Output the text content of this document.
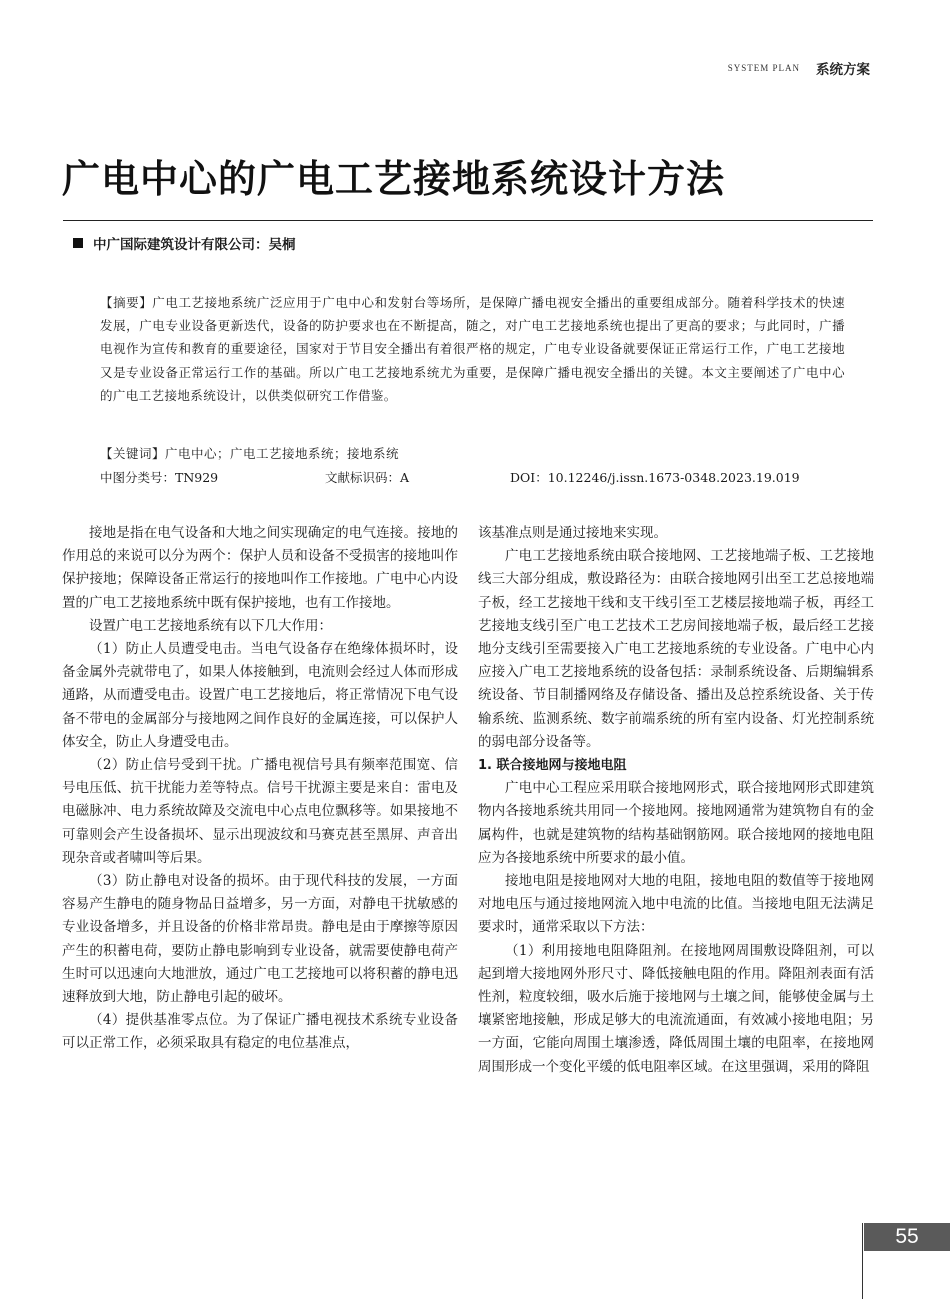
SYSTEM PLAN 系统方案
广电中心的广电工艺接地系统设计方法
中广国际建筑设计有限公司：吴桐

【摘要】广电工艺接地系统广泛应用于广电中心和发射台等场所，是保障广播电视安全播出的重要组成部分。随着科学技术的快速发展，广电专业设备更新迭代，设备的防护要求也在不断提高，随之，对广电工艺接地系统也提出了更高的要求；与此同时，广播电视作为宣传和教育的重要途径，国家对于节目安全播出有着很严格的规定，广电专业设备就要保证正常运行工作，广电工艺接地又是专业设备正常运行工作的基础。所以广电工艺接地系统尤为重要，是保障广播电视安全播出的关键。本文主要阐述了广电中心的广电工艺接地系统设计，以供类似研究工作借鉴。

【关键词】广电中心；广电工艺接地系统；接地系统
中图分类号：TN929	文献标识码：A	DOI：10.12246/j.issn.1673-0348.2023.19.019

接地是指在电气设备和大地之间实现确定的电气连接。接地的作用总的来说可以分为两个：保护人员和设备不受损害的接地叫作保护接地；保障设备正常运行的接地叫作工作接地。广电中心内设置的广电工艺接地系统中既有保护接地，也有工作接地。

设置广电工艺接地系统有以下几大作用：

（1）防止人员遭受电击。当电气设备存在绝缘体损坏时，设备金属外壳就带电了，如果人体接触到，电流则会经过人体而形成通路，从而遭受电击。设置广电工艺接地后，将正常情况下电气设备不带电的金属部分与接地网之间作良好的金属连接，可以保护人体安全，防止人身遭受电击。

（2）防止信号受到干扰。广播电视信号具有频率范围宽、信号电压低、抗干扰能力差等特点。信号干扰源主要是来自：雷电及电磁脉冲、电力系统故障及交流电中心点电位飘移等。如果接地不可靠则会产生设备损坏、显示出现波纹和马赛克甚至黑屏、声音出现杂音或者啸叫等后果。

（3）防止静电对设备的损坏。由于现代科技的发展，一方面容易产生静电的随身物品日益增多，另一方面，对静电干扰敏感的专业设备增多，并且设备的价格非常昂贵。静电是由于摩擦等原因产生的积蓄电荷，要防止静电影响到专业设备，就需要使静电荷产生时可以迅速向大地泄放，通过广电工艺接地可以将积蓄的静电迅速释放到大地，防止静电引起的破坏。

（4）提供基准零点位。为了保证广播电视技术系统专业设备可以正常工作，必须采取具有稳定的电位基准点，

该基准点则是通过接地来实现。

广电工艺接地系统由联合接地网、工艺接地端子板、工艺接地线三大部分组成，敷设路径为：由联合接地网引出至工艺总接地端子板，经工艺接地干线和支干线引至工艺楼层接地端子板，再经工艺接地支线引至广电工艺技术工艺房间接地端子板，最后经工艺接地分支线引至需要接入广电工艺接地系统的专业设备。广电中心内应接入广电工艺接地系统的设备包括：录制系统设备、后期编辑系统设备、节目制播网络及存储设备、播出及总控系统设备、关于传输系统、监测系统、数字前端系统的所有室内设备、灯光控制系统的弱电部分设备等。

1. 联合接地网与接地电阻

广电中心工程应采用联合接地网形式，联合接地网形式即建筑物内各接地系统共用同一个接地网。接地网通常为建筑物自有的金属构件，也就是建筑物的结构基础钢筋网。联合接地网的接地电阻应为各接地系统中所要求的最小值。

接地电阻是接地网对大地的电阻，接地电阻的数值等于接地网对地电压与通过接地网流入地中电流的比值。当接地电阻无法满足要求时，通常采取以下方法：

（1）利用接地电阻降阻剂。在接地网周围敷设降阻剂，可以起到增大接地网外形尺寸、降低接触电阻的作用。降阻剂表面有活性剂，粒度较细，吸水后施于接地网与土壤之间，能够使金属与土壤紧密地接触，形成足够大的电流流通面，有效减小接地电阻；另一方面，它能向周围土壤渗透，降低周围土壤的电阻率，在接地网周围形成一个变化平缓的低电阻率区域。在这里强调，采用的降阻

55
